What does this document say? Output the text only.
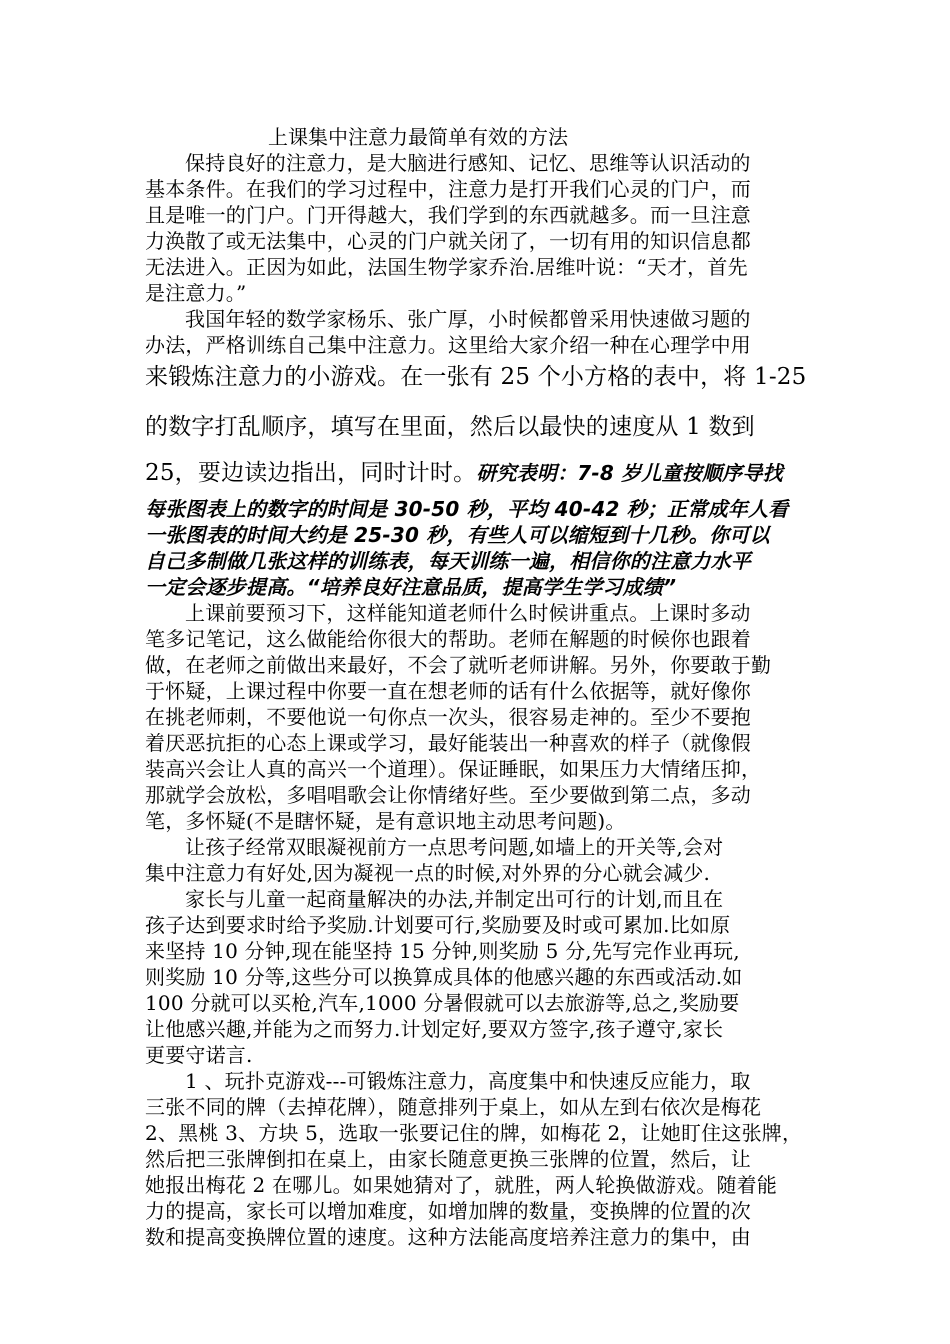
上课集中注意力最简单有效的方法
保持良好的注意力，是大脑进行感知、记忆、思维等认识活动的
基本条件。在我们的学习过程中，注意力是打开我们心灵的门户，而
且是唯一的门户。门开得越大，我们学到的东西就越多。而一旦注意
力涣散了或无法集中，心灵的门户就关闭了，一切有用的知识信息都
无法进入。正因为如此，法国生物学家乔治.居维叶说：“天才，首先
是注意力。”
我国年轻的数学家杨乐、张广厚，小时候都曾采用快速做习题的
办法，严格训练自己集中注意力。这里给大家介绍一种在心理学中用
来锻炼注意力的小游戏。在一张有 25 个小方格的表中，将 1-25
的数字打乱顺序，填写在里面，然后以最快的速度从 1 数到
25，要边读边指出，同时计时。研究表明：7-8 岁儿童按顺序导找
每张图表上的数字的时间是 30-50 秒，平均 40-42 秒；正常成年人看
一张图表的时间大约是 25-30 秒，有些人可以缩短到十几秒。你可以
自己多制做几张这样的训练表，每天训练一遍，相信你的注意力水平
一定会逐步提高。“培养良好注意品质，提高学生学习成绩”
上课前要预习下，这样能知道老师什么时候讲重点。上课时多动
笔多记笔记，这么做能给你很大的帮助。老师在解题的时候你也跟着
做，在老师之前做出来最好，不会了就听老师讲解。另外，你要敢于勤
于怀疑，上课过程中你要一直在想老师的话有什么依据等，就好像你
在挑老师刺，不要他说一句你点一次头，很容易走神的。至少不要抱
着厌恶抗拒的心态上课或学习，最好能装出一种喜欢的样子（就像假
装高兴会让人真的高兴一个道理）。保证睡眠，如果压力大情绪压抑，
那就学会放松，多唱唱歌会让你情绪好些。至少要做到第二点，多动
笔，多怀疑(不是瞎怀疑，是有意识地主动思考问题)。
让孩子经常双眼凝视前方一点思考问题,如墙上的开关等,会对
集中注意力有好处,因为凝视一点的时候,对外界的分心就会减少.
家长与儿童一起商量解决的办法,并制定出可行的计划,而且在
孩子达到要求时给予奖励.计划要可行,奖励要及时或可累加.比如原
来坚持 10 分钟,现在能坚持 15 分钟,则奖励 5 分,先写完作业再玩,
则奖励 10 分等,这些分可以换算成具体的他感兴趣的东西或活动.如
100 分就可以买枪,汽车,1000 分暑假就可以去旅游等,总之,奖励要
让他感兴趣,并能为之而努力.计划定好,要双方签字,孩子遵守,家长
更要守诺言.
1 、玩扑克游戏---可锻炼注意力，高度集中和快速反应能力，取
三张不同的牌（去掉花牌），随意排列于桌上，如从左到右依次是梅花
2、黑桃 3、方块 5，选取一张要记住的牌，如梅花 2，让她盯住这张牌，
然后把三张牌倒扣在桌上，由家长随意更换三张牌的位置，然后，让
她报出梅花 2 在哪儿。如果她猜对了，就胜，两人轮换做游戏。随着能
力的提高，家长可以增加难度，如增加牌的数量，变换牌的位置的次
数和提高变换牌位置的速度。这种方法能高度培养注意力的集中，由
